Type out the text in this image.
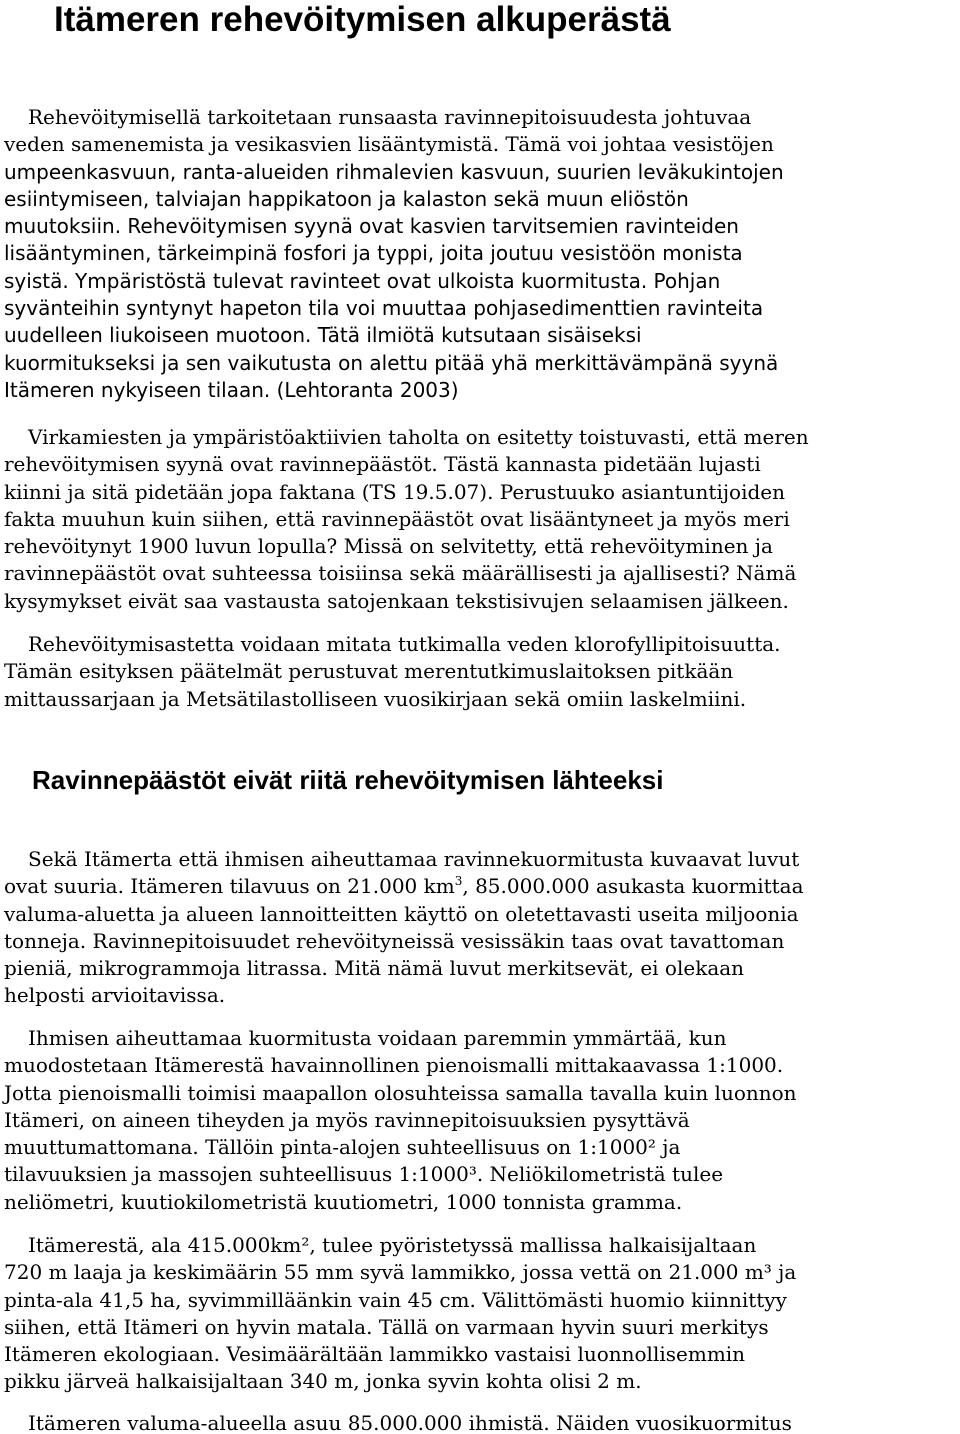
Itämeren rehevöitymisen alkuperästä
Rehevöitymisellä tarkoitetaan runsaasta ravinnepitoisuudesta johtuvaa
veden samenemista ja vesikasvien lisääntymistä. Tämä voi johtaa vesistöjen
umpeenkasvuun, ranta-alueiden rihmalevien kasvuun, suurien leväkukintojen
esiintymiseen, talviajan happikatoon ja kalaston sekä muun eliöstön
muutoksiin. Rehevöitymisen syynä ovat kasvien tarvitsemien ravinteiden
lisääntyminen, tärkeimpinä fosfori ja typpi, joita joutuu vesistöön monista
syistä. Ympäristöstä tulevat ravinteet ovat ulkoista kuormitusta. Pohjan
syvänteihin syntynyt hapeton tila voi muuttaa pohjasedimenttien ravinteita
uudelleen liukoiseen muotoon. Tätä ilmiötä kutsutaan sisäiseksi
kuormitukseksi ja sen vaikutusta on alettu pitää yhä merkittävämpänä syynä
Itämeren nykyiseen tilaan. (Lehtoranta 2003)
Virkamiesten ja ympäristöaktiivien taholta on esitetty toistuvasti, että meren
rehevöitymisen syynä ovat ravinnepäästöt. Tästä kannasta pidetään lujasti
kiinni ja sitä pidetään jopa faktana (TS 19.5.07). Perustuuko asiantuntijoiden
fakta muuhun kuin siihen, että ravinnepäästöt ovat lisääntyneet ja myös meri
rehevöitynyt 1900 luvun lopulla? Missä on selvitetty, että rehevöityminen ja
ravinnepäästöt ovat suhteessa toisiinsa sekä määrällisesti ja ajallisesti? Nämä
kysymykset eivät saa vastausta satojenkaan tekstisivujen selaamisen jälkeen.
Rehevöitymisastetta voidaan mitata tutkimalla veden klorofyllipitoisuutta.
Tämän esityksen päätelmät perustuvat merentutkimuslaitoksen pitkään
mittaussarjaan ja Metsätilastolliseen vuosikirjaan sekä omiin laskelmiini.
Ravinnepäästöt eivät riitä rehevöitymisen lähteeksi
Sekä Itämerta että ihmisen aiheuttamaa ravinnekuormitusta kuvaavat luvut
ovat suuria. Itämeren tilavuus on 21.000 $km^3$, 85.000.000 asukasta kuormittaa
valuma-aluetta ja alueen lannoitteitten käyttö on oletettavasti useita miljoonia
tonneja. Ravinnepitoisuudet rehevöityneissä vesissäkin taas ovat tavattoman
pieniä, mikrogrammoja litrassa. Mitä nämä luvut merkitsevät, ei olekaan
helposti arvioitavissa.
Ihmisen aiheuttamaa kuormitusta voidaan paremmin ymmärtää, kun
muodostetaan Itämerestä havainnollinen pienoismalli mittakaavassa 1:1000.
Jotta pienoismalli toimisi maapallon olosuhteissa samalla tavalla kuin luonnon
Itämeri, on aineen tiheyden ja myös ravinnepitoisuuksien pysyttävä
muuttumattomana. Tällöin pinta-alojen suhteellisuus on 1:1000² ja
tilavuuksien ja massojen suhteellisuus 1:1000³. Neliökilometristä tulee
neliömetri, kuutiokilometristä kuutiometri, 1000 tonnista gramma.
Itämerestä, ala 415.000km², tulee pyöristetyssä mallissa halkaisijaltaan
720 m laaja ja keskimäärin 55 mm syvä lammikko, jossa vettä on 21.000 m³ ja
pinta-ala 41,5 ha, syvimmilläänkin vain 45 cm. Välittömästi huomio kiinnittyy
siihen, että Itämeri on hyvin matala. Tällä on varmaan hyvin suuri merkitys
Itämeren ekologiaan. Vesimäärältään lammikko vastaisi luonnollisemmin
pikku järveä halkaisijaltaan 340 m, jonka syvin kohta olisi 2 m.
Itämeren valuma-alueella asuu 85.000.000 ihmistä. Näiden vuosikuormitus
